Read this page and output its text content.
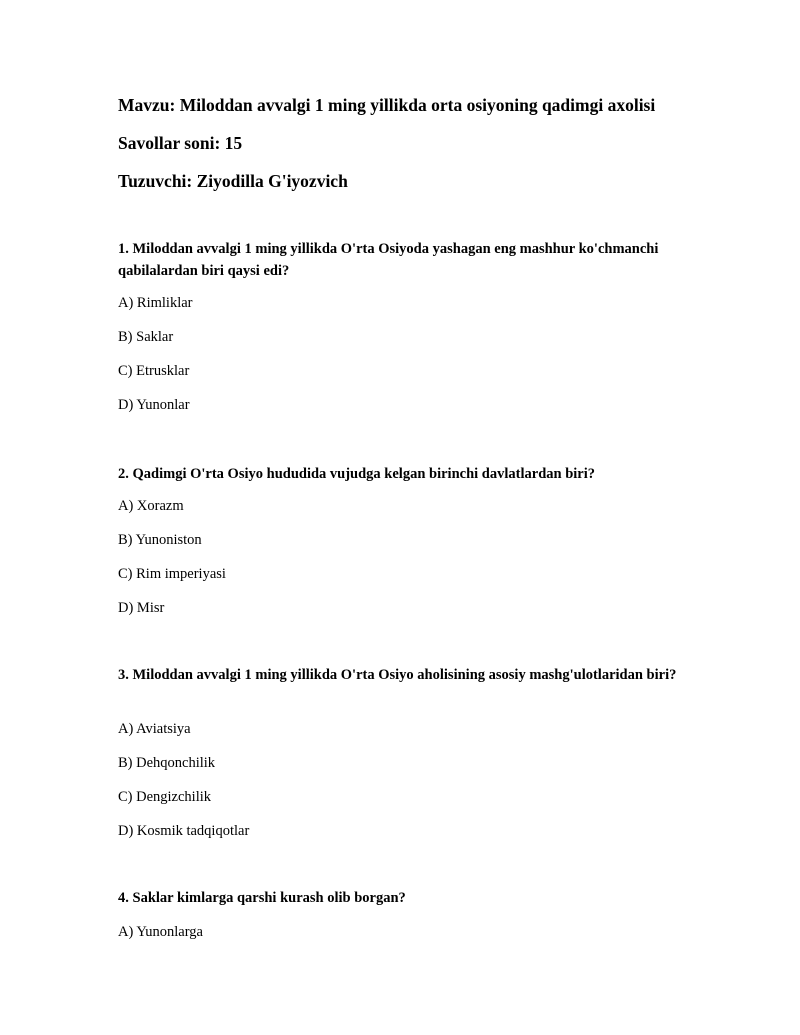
Mavzu: Miloddan avvalgi 1 ming yillikda orta osiyoning qadimgi axolisi
Savollar soni: 15
Tuzuvchi: Ziyodilla G'iyozvich
1. Miloddan avvalgi 1 ming yillikda O'rta Osiyoda yashagan eng mashhur ko'chmanchi qabilalardan biri qaysi edi?
A) Rimliklar
B) Saklar
C) Etrusklar
D) Yunonlar
2. Qadimgi O'rta Osiyo hududida vujudga kelgan birinchi davlatlardan biri?
A) Xorazm
B) Yunoniston
C) Rim imperiyasi
D) Misr
3. Miloddan avvalgi 1 ming yillikda O'rta Osiyo aholisining asosiy mashg'ulotlaridan biri?
A) Aviatsiya
B) Dehqonchilik
C) Dengizchilik
D) Kosmik tadqiqotlar
4. Saklar kimlarga qarshi kurash olib borgan?
A) Yunonlarga
